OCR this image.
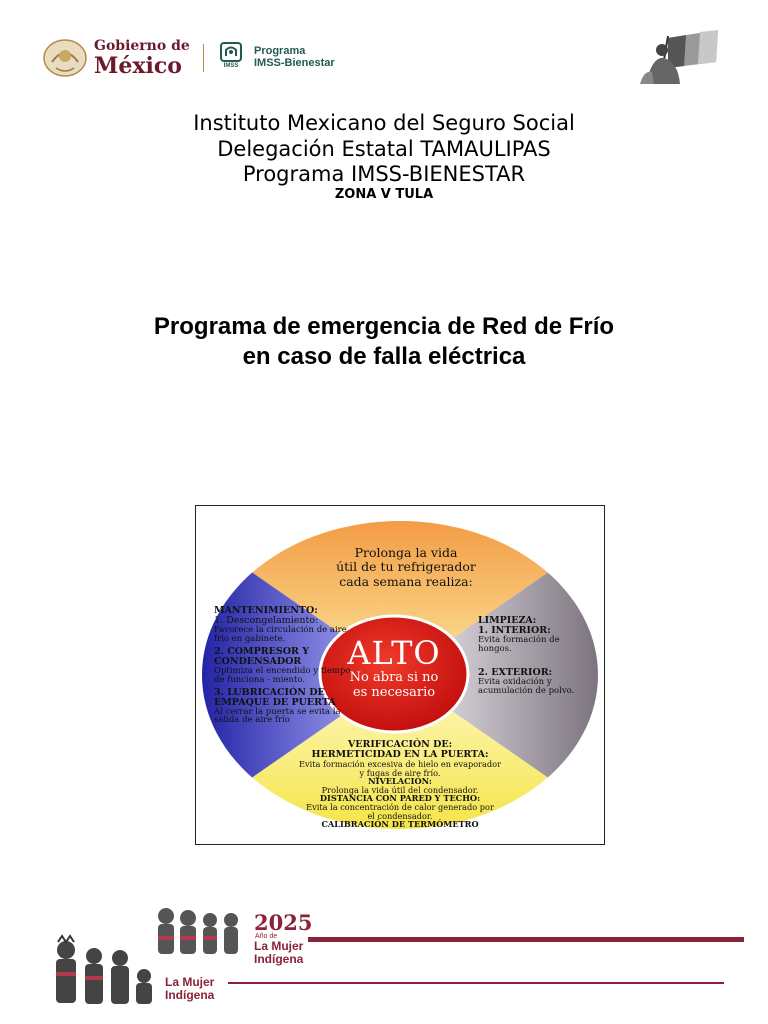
Gobierno de
México	IMSS
Programa
IMSS-Bienestar
Instituto Mexicano del Seguro Social
Delegación Estatal TAMAULIPAS
Programa IMSS-BIENESTAR
ZONA V TULA
Programa de emergencia de Red de Frío
en caso de falla eléctrica
Prolonga la vida
útil de tu refrigerador
cada semana realiza:
ALTO
No abra si no
es necesario
MANTENIMIENTO:
1. Descongelamiento:
Favorece la circulación de aire frío en gabinete.
2. COMPRESOR Y CONDENSADOR
Optimiza el encendido y tiempo de funciona - miento.
3. LUBRICACIÓN DE EMPAQUE DE PUERTA
Al cerrar la puerta se evita la salida de aire frío
LIMPIEZA:
1. INTERIOR:
Evita formación de hongos.
2. EXTERIOR:
Evita oxidación y acumulación de polvo.
VERIFICACIÓN DE:
HERMETICIDAD EN LA PUERTA:
Evita formación excesiva de hielo en evaporador
y fugas de aire frío.
NIVELACIÓN:
Prolonga la vida útil del condensador.
DISTANCIA CON PARED Y TECHO:
Evita la concentración de calor generado por
el condensador.
CALIBRACIÓN DE TERMÓMETRO
2025
Año de
La Mujer
Indígena
La Mujer
Indígena
